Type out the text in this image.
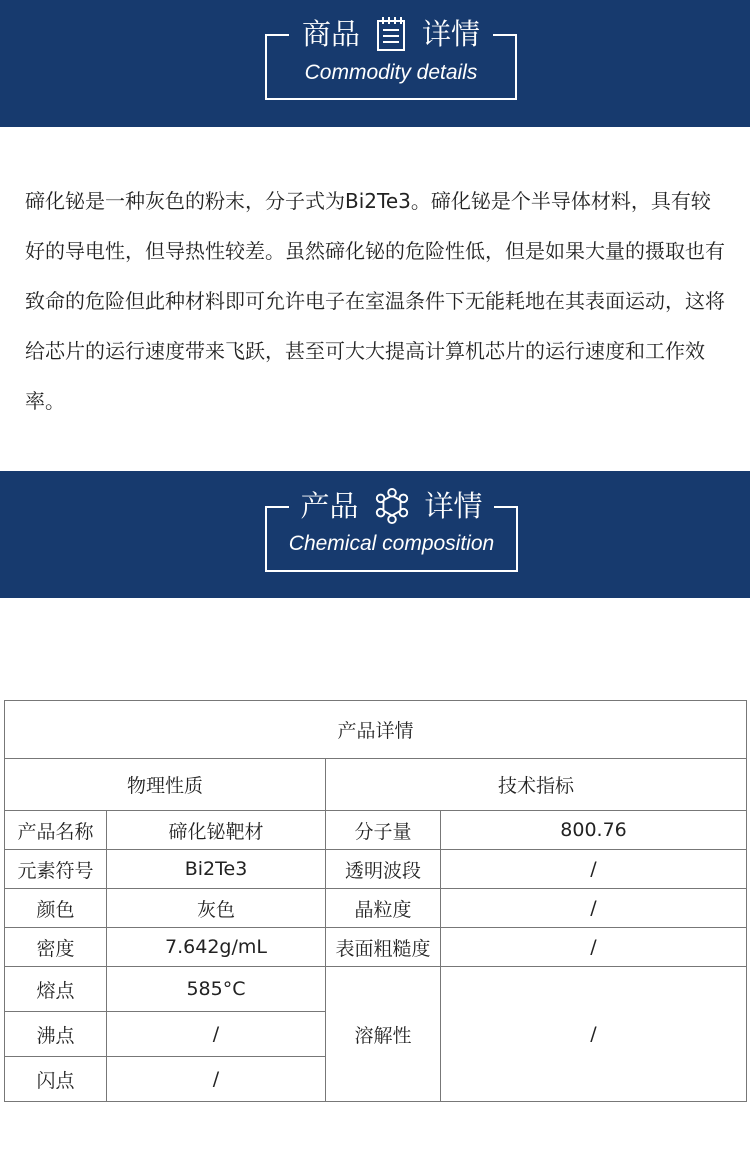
商品 详情
Commodity details

碲化铋是一种灰色的粉末，分子式为Bi2Te3。碲化铋是个半导体材料，具有较好的导电性，但导热性较差。虽然碲化铋的危险性低，但是如果大量的摄取也有致命的危险但此种材料即可允许电子在室温条件下无能耗地在其表面运动，这将给芯片的运行速度带来飞跃，甚至可大大提高计算机芯片的运行速度和工作效率。

产品 详情
Chemical composition
产品详情			
物理性质		技术指标	
产品名称	碲化铋靶材	分子量	800.76
元素符号	Bi2Te3	透明波段	/
颜色	灰色	晶粒度	/
密度	7.642g/mL	表面粗糙度	/
熔点	585°C	溶解性	/
沸点	/		
闪点	/		
